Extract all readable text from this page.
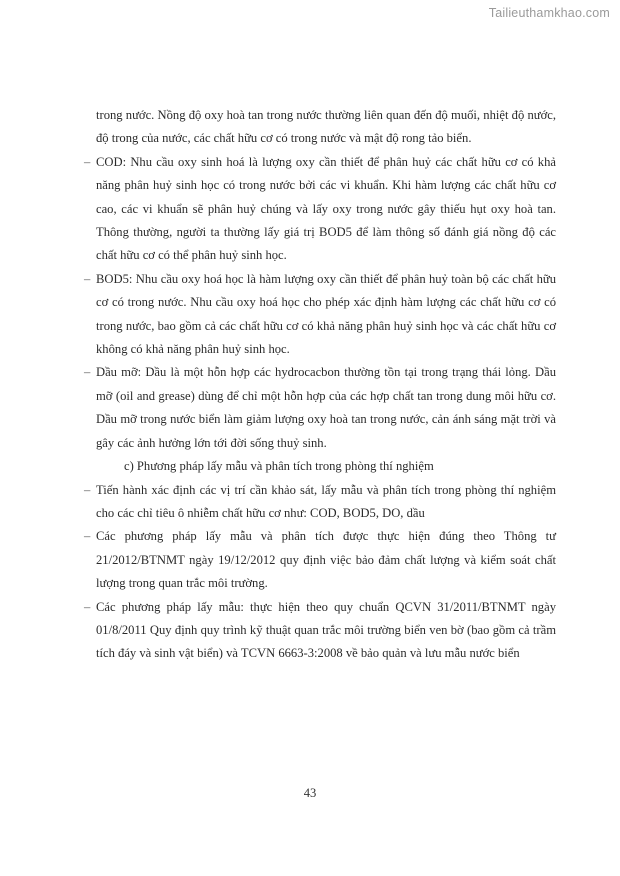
Tailieuthamkhao.com

trong nước. Nồng độ oxy hoà tan trong nước thường liên quan đến độ muối, nhiệt độ nước, độ trong của nước, các chất hữu cơ có trong nước và mật độ rong tảo biển.

– COD: Nhu cầu oxy sinh hoá là lượng oxy cần thiết để phân huỷ các chất hữu cơ có khả năng phân huỷ sinh học có trong nước bởi các vi khuẩn. Khi hàm lượng các chất hữu cơ cao, các vi khuẩn sẽ phân huỷ chúng và lấy oxy trong nước gây thiếu hụt oxy hoà tan. Thông thường, người ta thường lấy giá trị BOD5 để làm thông số đánh giá nồng độ các chất hữu cơ có thể phân huỷ sinh học.

– BOD5: Nhu cầu oxy hoá học là hàm lượng oxy cần thiết để phân huỷ toàn bộ các chất hữu cơ có trong nước. Nhu cầu oxy hoá học cho phép xác định hàm lượng các chất hữu cơ có trong nước, bao gồm cả các chất hữu cơ có khả năng phân huỷ sinh học và các chất hữu cơ không có khả năng phân huỷ sinh học.

– Dầu mỡ: Dầu là một hỗn hợp các hydrocacbon thường tồn tại trong trạng thái lỏng. Dầu mỡ (oil and grease) dùng để chỉ một hỗn hợp của các hợp chất tan trong dung môi hữu cơ. Dầu mỡ trong nước biển làm giảm lượng oxy hoà tan trong nước, cản ánh sáng mặt trời và gây các ảnh hưởng lớn tới đời sống thuỷ sinh.

c) Phương pháp lấy mẫu và phân tích trong phòng thí nghiệm

– Tiến hành xác định các vị trí cần khảo sát, lấy mẫu và phân tích trong phòng thí nghiệm cho các chỉ tiêu ô nhiễm chất hữu cơ như: COD, BOD5, DO, dầu

– Các phương pháp lấy mẫu và phân tích được thực hiện đúng theo Thông tư 21/2012/BTNMT ngày 19/12/2012 quy định việc bảo đảm chất lượng và kiểm soát chất lượng trong quan trắc môi trường.

– Các phương pháp lấy mẫu: thực hiện theo quy chuẩn QCVN 31/2011/BTNMT ngày 01/8/2011 Quy định quy trình kỹ thuật quan trắc môi trường biển ven bờ (bao gồm cả trầm tích đáy và sinh vật biển) và TCVN 6663-3:2008 về bảo quản và lưu mẫu nước biển

43
